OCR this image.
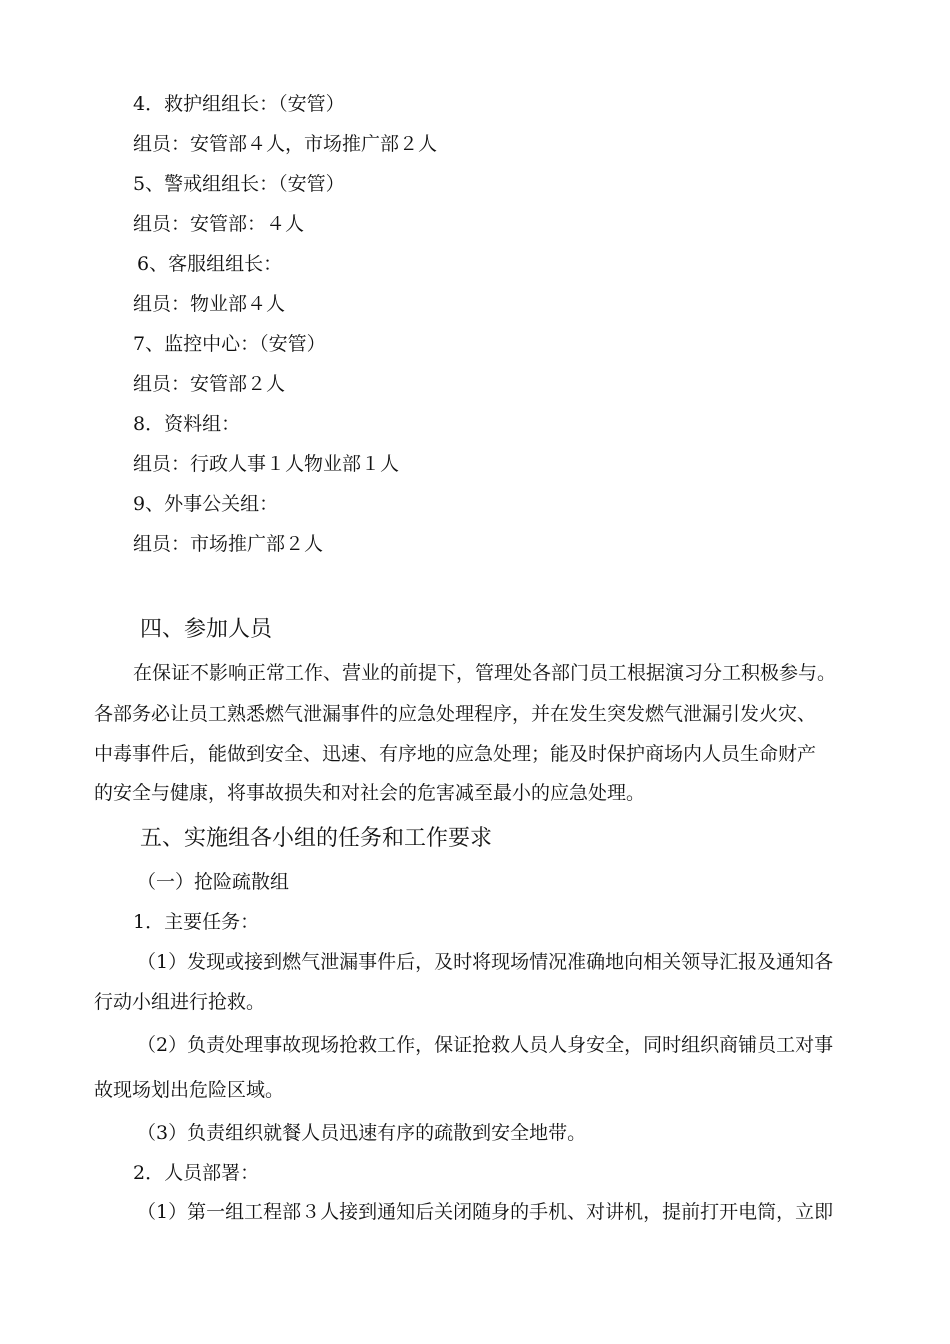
4．救护组组长：（安管）
组员：安管部４人，市场推广部２人
5、警戒组组长：（安管）
组员：安管部：４人
6、客服组组长：
组员：物业部４人
7、监控中心：（安管）
组员：安管部２人
8．资料组：
组员：行政人事１人物业部１人
9、外事公关组：
组员：市场推广部２人
四、参加人员
在保证不影响正常工作、营业的前提下，管理处各部门员工根据演习分工积极参与。
各部务必让员工熟悉燃气泄漏事件的应急处理程序，并在发生突发燃气泄漏引发火灾、
中毒事件后，能做到安全、迅速、有序地的应急处理；能及时保护商场内人员生命财产
的安全与健康，将事故损失和对社会的危害减至最小的应急处理。
五、实施组各小组的任务和工作要求
（一）抢险疏散组
1．主要任务：
（1）发现或接到燃气泄漏事件后，及时将现场情况准确地向相关领导汇报及通知各
行动小组进行抢救。
（2）负责处理事故现场抢救工作，保证抢救人员人身安全，同时组织商铺员工对事
故现场划出危险区域。
（3）负责组织就餐人员迅速有序的疏散到安全地带。
2．人员部署：
（1）第一组工程部３人接到通知后关闭随身的手机、对讲机，提前打开电筒，立即
